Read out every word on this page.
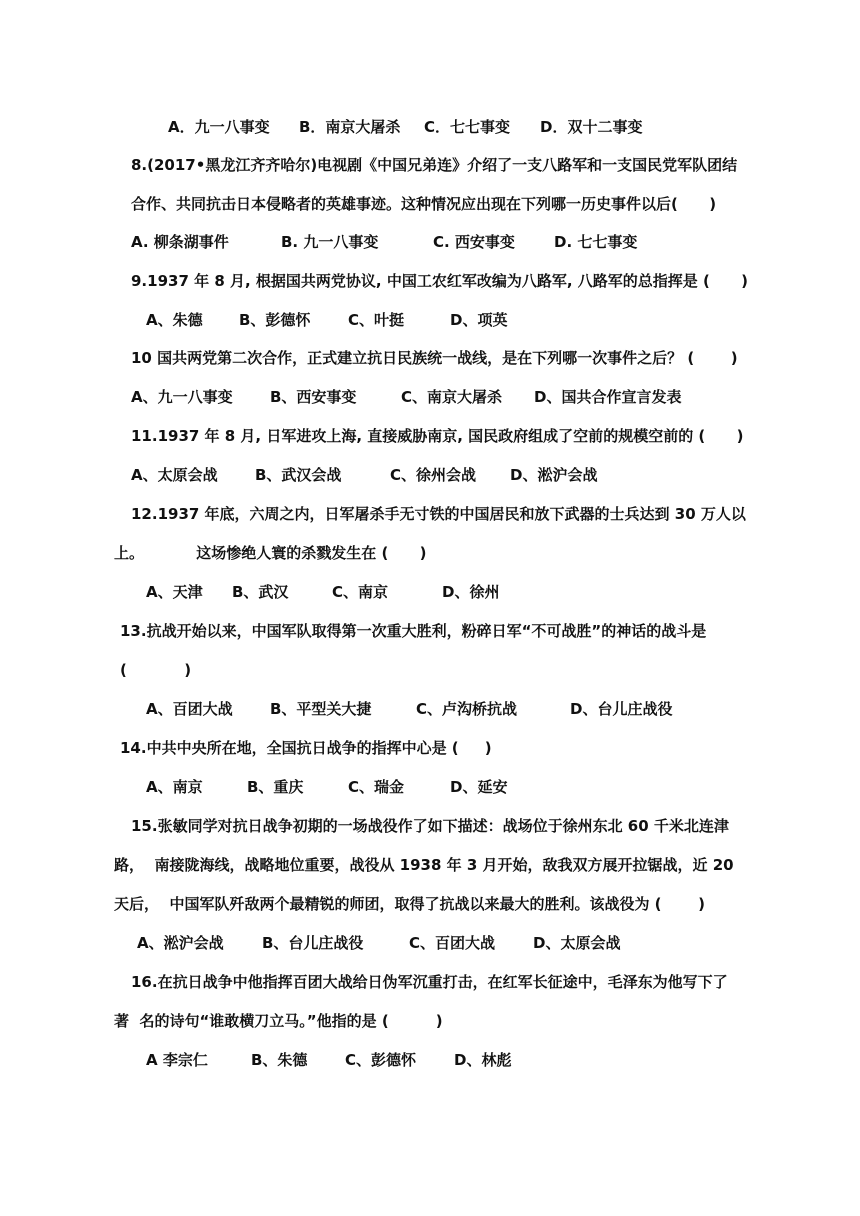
A．九一八事变 B．南京大屠杀 C．七七事变 D．双十二事变
8.(2017•黑龙江齐齐哈尔)电视剧《中国兄弟连》介绍了一支八路军和一支国民党军队团结
合作、共同抗击日本侵略者的英雄事迹。这种情况应出现在下列哪一历史事件以后(      )
A. 柳条湖事件	B. 九一八事变	C. 西安事变	D. 七七事变
9.1937 年 8 月, 根据国共两党协议, 中国工农红军改编为八路军, 八路军的总指挥是 (      )
A、朱德 B、彭德怀	C、叶挺	D、项英
10 国共两党第二次合作，正式建立抗日民族统一战线，是在下列哪一次事件之后？ (       )
A、九一八事变 B、西安事变	C、南京大屠杀 D、国共合作宣言发表
11.1937 年 8 月, 日军进攻上海, 直接威胁南京, 国民政府组成了空前的规模空前的 (      )
A、太原会战 B、武汉会战	C、徐州会战 D、淞沪会战
12.1937 年底，六周之内，日军屠杀手无寸铁的中国居民和放下武器的士兵达到 30 万人以
上。          这场惨绝人寰的杀戮发生在 (      )
A、天津 B、武汉	C、南京	D、徐州
13.抗战开始以来，中国军队取得第一次重大胜利，粉碎日军“不可战胜”的神话的战斗是
(           )
A、百团大战 B、平型关大捷	C、卢沟桥抗战	D、台儿庄战役
14.中共中央所在地，全国抗日战争的指挥中心是 (     )
A、南京	B、重庆	C、瑞金	D、延安
15.张敏同学对抗日战争初期的一场战役作了如下描述：战场位于徐州东北 60 千米北连津
路，  南接陇海线，战略地位重要，战役从 1938 年 3 月开始，敌我双方展开拉锯战，近 20
天后，  中国军队歼敌两个最精锐的师团，取得了抗战以来最大的胜利。该战役为 (       )
A、淞沪会战	B、台儿庄战役	C、百团大战	D、太原会战
16.在抗日战争中他指挥百团大战给日伪军沉重打击，在红军长征途中，毛泽东为他写下了
著  名的诗句“谁敢横刀立马。”他指的是 (         )
A 李宗仁	B、朱德	C、彭德怀	D、林彪
